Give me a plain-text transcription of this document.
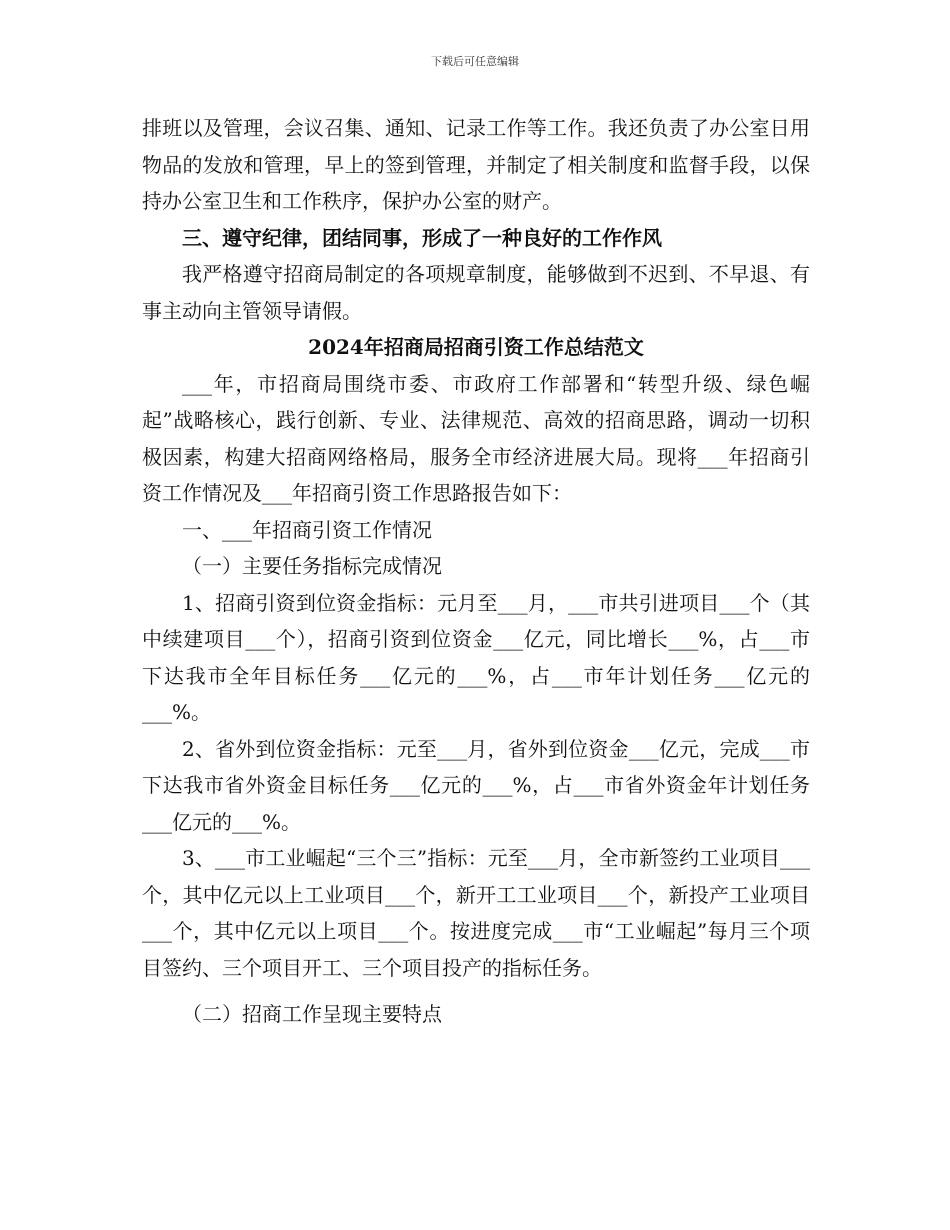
下载后可任意编辑

排班以及管理，会议召集、通知、记录工作等工作。我还负责了办公室日用物品的发放和管理，早上的签到管理，并制定了相关制度和监督手段，以保持办公室卫生和工作秩序，保护办公室的财产。

三、遵守纪律，团结同事，形成了一种良好的工作作风

我严格遵守招商局制定的各项规章制度，能够做到不迟到、不早退、有事主动向主管领导请假。

2024年招商局招商引资工作总结范文

___年，市招商局围绕市委、市政府工作部署和“转型升级、绿色崛起”战略核心，践行创新、专业、法律规范、高效的招商思路，调动一切积极因素，构建大招商网络格局，服务全市经济进展大局。现将___年招商引资工作情况及___年招商引资工作思路报告如下：

一、___年招商引资工作情况

（一）主要任务指标完成情况

1、招商引资到位资金指标：元月至___月，___市共引进项目___个（其中续建项目___个），招商引资到位资金___亿元，同比增长___%，占___市下达我市全年目标任务___亿元的___%，占___市年计划任务___亿元的___%。

2、省外到位资金指标：元至___月，省外到位资金___亿元，完成___市下达我市省外资金目标任务___亿元的___%，占___市省外资金年计划任务___亿元的___%。

3、___市工业崛起“三个三”指标：元至___月，全市新签约工业项目___个，其中亿元以上工业项目___个，新开工工业项目___个，新投产工业项目___个，其中亿元以上项目___个。按进度完成___市“工业崛起”每月三个项目签约、三个项目开工、三个项目投产的指标任务。

（二）招商工作呈现主要特点
